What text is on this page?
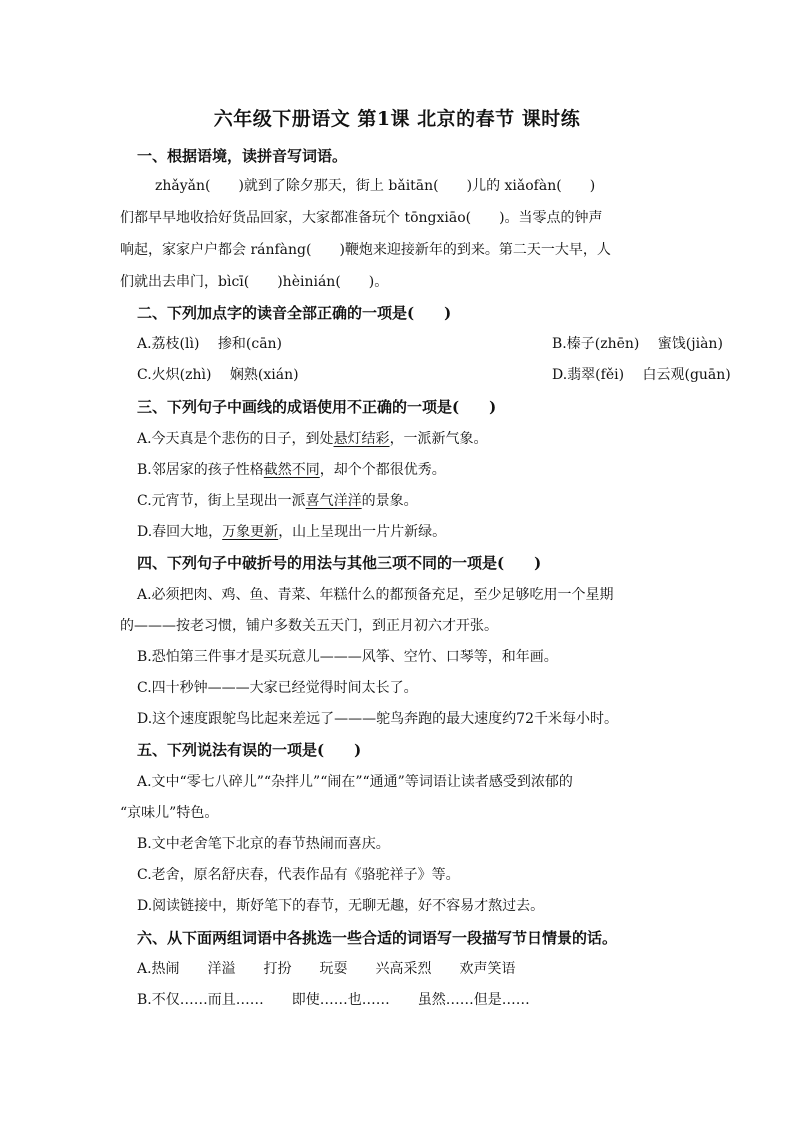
六年级下册语文 第1课 北京的春节 课时练
一、根据语境，读拼音写词语。
zhǎyǎn(　　)就到了除夕那天，街上 bǎitān(　　)儿的 xiǎofàn(　　)
们都早早地收拾好货品回家，大家都准备玩个 tōngxiāo(　　)。当零点的钟声
响起，家家户户都会 ránfàng(　　)鞭炮来迎接新年的到来。第二天一大早，人
们就出去串门，bìcī(　　)hèinián(　　)。
二、下列加点字的读音全部正确的一项是(　　)
A.荔枝(lì)　 掺和(cān)	B.榛子(zhēn)　 蜜饯(jiàn)
C.火炽(zhì)　 娴熟(xián)	D.翡翠(fěi)　 白云观(guān)
三、下列句子中画线的成语使用不正确的一项是(　　)
A.今天真是个悲伤的日子，到处悬灯结彩，一派新气象。
B.邻居家的孩子性格截然不同，却个个都很优秀。
C.元宵节，街上呈现出一派喜气洋洋的景象。
D.春回大地，万象更新，山上呈现出一片片新绿。
四、下列句子中破折号的用法与其他三项不同的一项是(　　)
A.必须把肉、鸡、鱼、青菜、年糕什么的都预备充足，至少足够吃用一个星期
的———按老习惯，铺户多数关五天门，到正月初六才开张。
B.恐怕第三件事才是买玩意儿———风筝、空竹、口琴等，和年画。
C.四十秒钟———大家已经觉得时间太长了。
D.这个速度跟鸵鸟比起来差远了———鸵鸟奔跑的最大速度约72千米每小时。
五、下列说法有误的一项是(　　)
A.文中“零七八碎儿”“杂拌儿”“闹在”“通通”等词语让读者感受到浓郁的
“京味儿”特色。
B.文中老舍笔下北京的春节热闹而喜庆。
C.老舍，原名舒庆春，代表作品有《骆驼祥子》等。
D.阅读链接中，斯妤笔下的春节，无聊无趣，好不容易才熬过去。
六、从下面两组词语中各挑选一些合适的词语写一段描写节日情景的话。
A.热闹　　洋溢　　打扮　　玩耍　　兴高采烈　　欢声笑语
B.不仅……而且……　　即使……也……　　虽然……但是……
